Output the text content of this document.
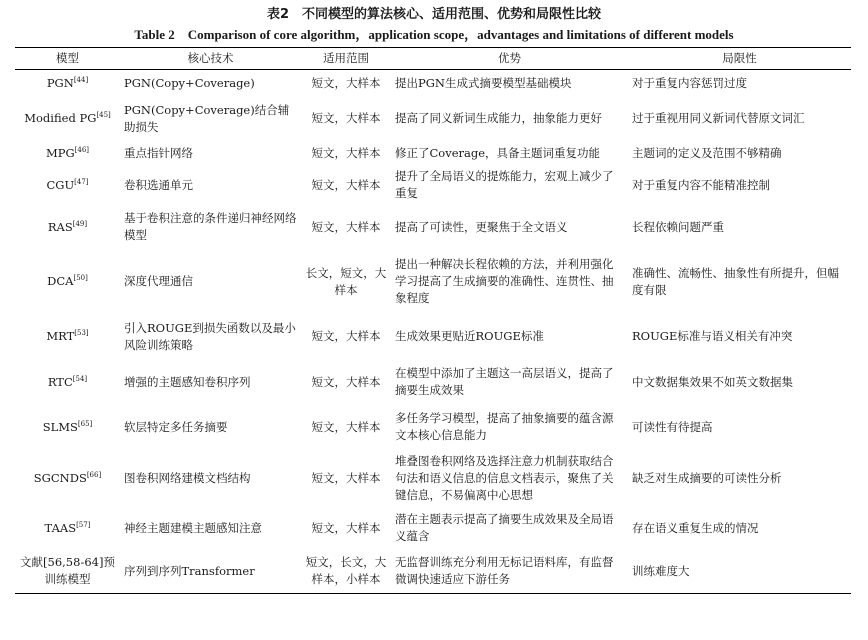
表2　不同模型的算法核心、适用范围、优势和局限性比较
Table 2　Comparison of core algorithm，application scope，advantages and limitations of different models
模型	核心技术	适用范围	优势	局限性
PGN[44]	PGN(Copy+Coverage)	短文，大样本	提出PGN生成式摘要模型基础模块	对于重复内容惩罚过度
Modified PG[45]	PGN(Copy+Coverage)结合辅助损失	短文，大样本	提高了同义新词生成能力，抽象能力更好	过于重视用同义新词代替原文词汇
MPG[46]	重点指针网络	短文，大样本	修正了Coverage，具备主题词重复功能	主题词的定义及范围不够精确
CGU[47]	卷积选通单元	短文，大样本	提升了全局语义的提炼能力，宏观上减少了重复	对于重复内容不能精准控制
RAS[49]	基于卷积注意的条件递归神经网络模型	短文，大样本	提高了可读性，更聚焦于全文语义	长程依赖问题严重
DCA[50]	深度代理通信	长文，短文，大样本	提出一种解决长程依赖的方法，并利用强化学习提高了生成摘要的准确性、连贯性、抽象程度	准确性、流畅性、抽象性有所提升，但幅度有限
MRT[53]	引入ROUGE到损失函数以及最小风险训练策略	短文，大样本	生成效果更贴近ROUGE标准	ROUGE标准与语义相关有冲突
RTC[54]	增强的主题感知卷积序列	短文，大样本	在模型中添加了主题这一高层语义，提高了摘要生成效果	中文数据集效果不如英文数据集
SLMS[65]	软层特定多任务摘要	短文，大样本	多任务学习模型，提高了抽象摘要的蕴含源文本核心信息能力	可读性有待提高
SGCNDS[66]	图卷积网络建模文档结构	短文，大样本	堆叠图卷积网络及选择注意力机制获取结合句法和语义信息的信息文档表示，聚焦了关键信息，不易偏离中心思想	缺乏对生成摘要的可读性分析
TAAS[57]	神经主题建模主题感知注意	短文，大样本	潜在主题表示提高了摘要生成效果及全局语义蕴含	存在语义重复生成的情况
文献[56,58-64]预训练模型	序列到序列Transformer	短文，长文，大样本，小样本	无监督训练充分利用无标记语料库，有监督微调快速适应下游任务	训练难度大
